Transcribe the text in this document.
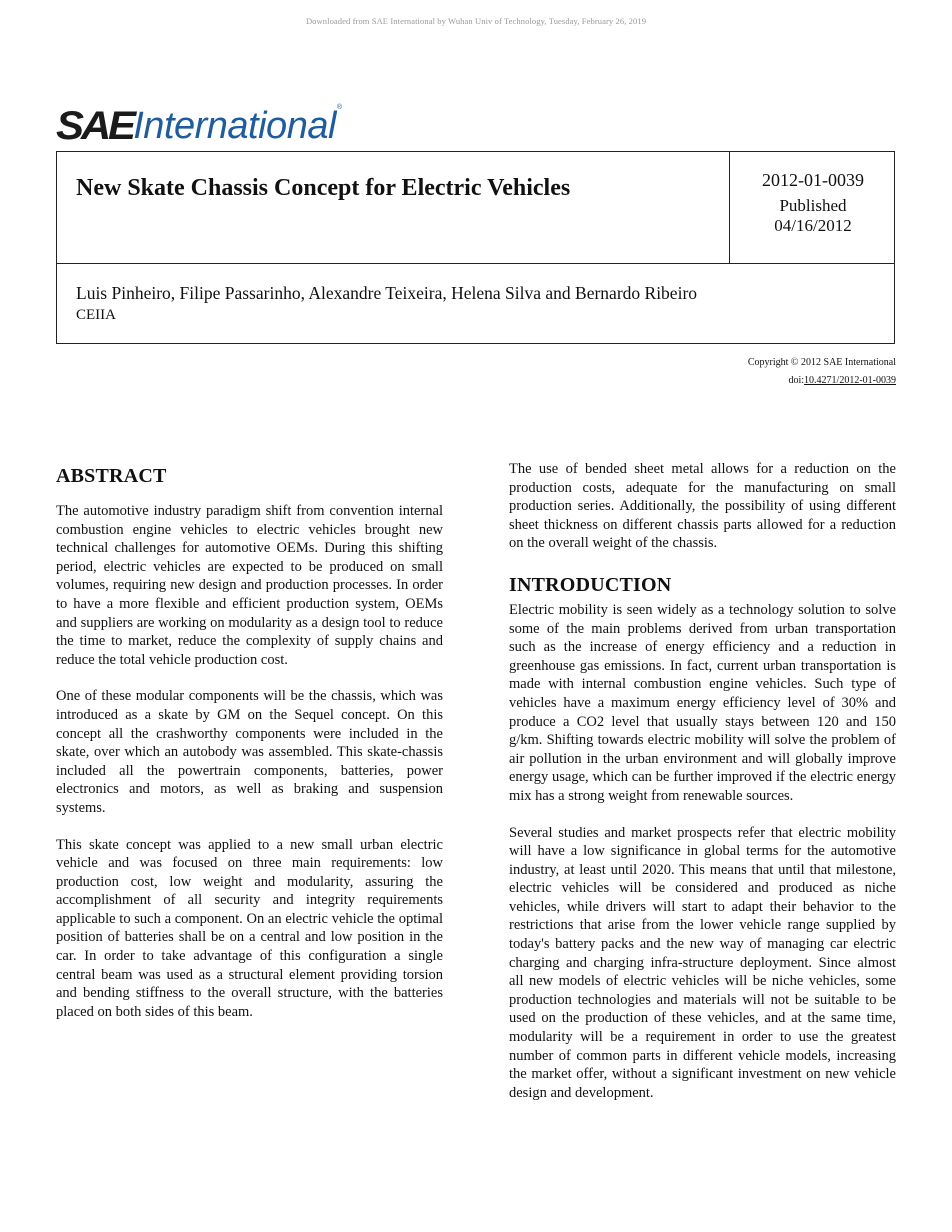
Downloaded from SAE International by Wuhan Univ of Technology, Tuesday, February 26, 2019
SAE International ®
New Skate Chassis Concept for Electric Vehicles	2012-01-0039
Published
04/16/2012
Luis Pinheiro, Filipe Passarinho, Alexandre Teixeira, Helena Silva and Bernardo Ribeiro
CEIIA
Copyright © 2012 SAE International
doi:10.4271/2012-01-0039
ABSTRACT

The automotive industry paradigm shift from convention internal combustion engine vehicles to electric vehicles brought new technical challenges for automotive OEMs. During this shifting period, electric vehicles are expected to be produced on small volumes, requiring new design and production processes. In order to have a more flexible and efficient production system, OEMs and suppliers are working on modularity as a design tool to reduce the time to market, reduce the complexity of supply chains and reduce the total vehicle production cost.

One of these modular components will be the chassis, which was introduced as a skate by GM on the Sequel concept. On this concept all the crashworthy components were included in the skate, over which an autobody was assembled. This skate-chassis included all the powertrain components, batteries, power electronics and motors, as well as braking and suspension systems.

This skate concept was applied to a new small urban electric vehicle and was focused on three main requirements: low production cost, low weight and modularity, assuring the accomplishment of all security and integrity requirements applicable to such a component. On an electric vehicle the optimal position of batteries shall be on a central and low position in the car. In order to take advantage of this configuration a single central beam was used as a structural element providing torsion and bending stiffness to the overall structure, with the batteries placed on both sides of this beam.

The use of bended sheet metal allows for a reduction on the production costs, adequate for the manufacturing on small production series. Additionally, the possibility of using different sheet thickness on different chassis parts allowed for a reduction on the overall weight of the chassis.

INTRODUCTION

Electric mobility is seen widely as a technology solution to solve some of the main problems derived from urban transportation such as the increase of energy efficiency and a reduction in greenhouse gas emissions. In fact, current urban transportation is made with internal combustion engine vehicles. Such type of vehicles have a maximum energy efficiency level of 30% and produce a CO2 level that usually stays between 120 and 150 g/km. Shifting towards electric mobility will solve the problem of air pollution in the urban environment and will globally improve energy usage, which can be further improved if the electric energy mix has a strong weight from renewable sources.

Several studies and market prospects refer that electric mobility will have a low significance in global terms for the automotive industry, at least until 2020. This means that until that milestone, electric vehicles will be considered and produced as niche vehicles, while drivers will start to adapt their behavior to the restrictions that arise from the lower vehicle range supplied by today's battery packs and the new way of managing car electric charging and charging infra-structure deployment. Since almost all new models of electric vehicles will be niche vehicles, some production technologies and materials will not be suitable to be used on the production of these vehicles, and at the same time, modularity will be a requirement in order to use the greatest number of common parts in different vehicle models, increasing the market offer, without a significant investment on new vehicle design and development.
